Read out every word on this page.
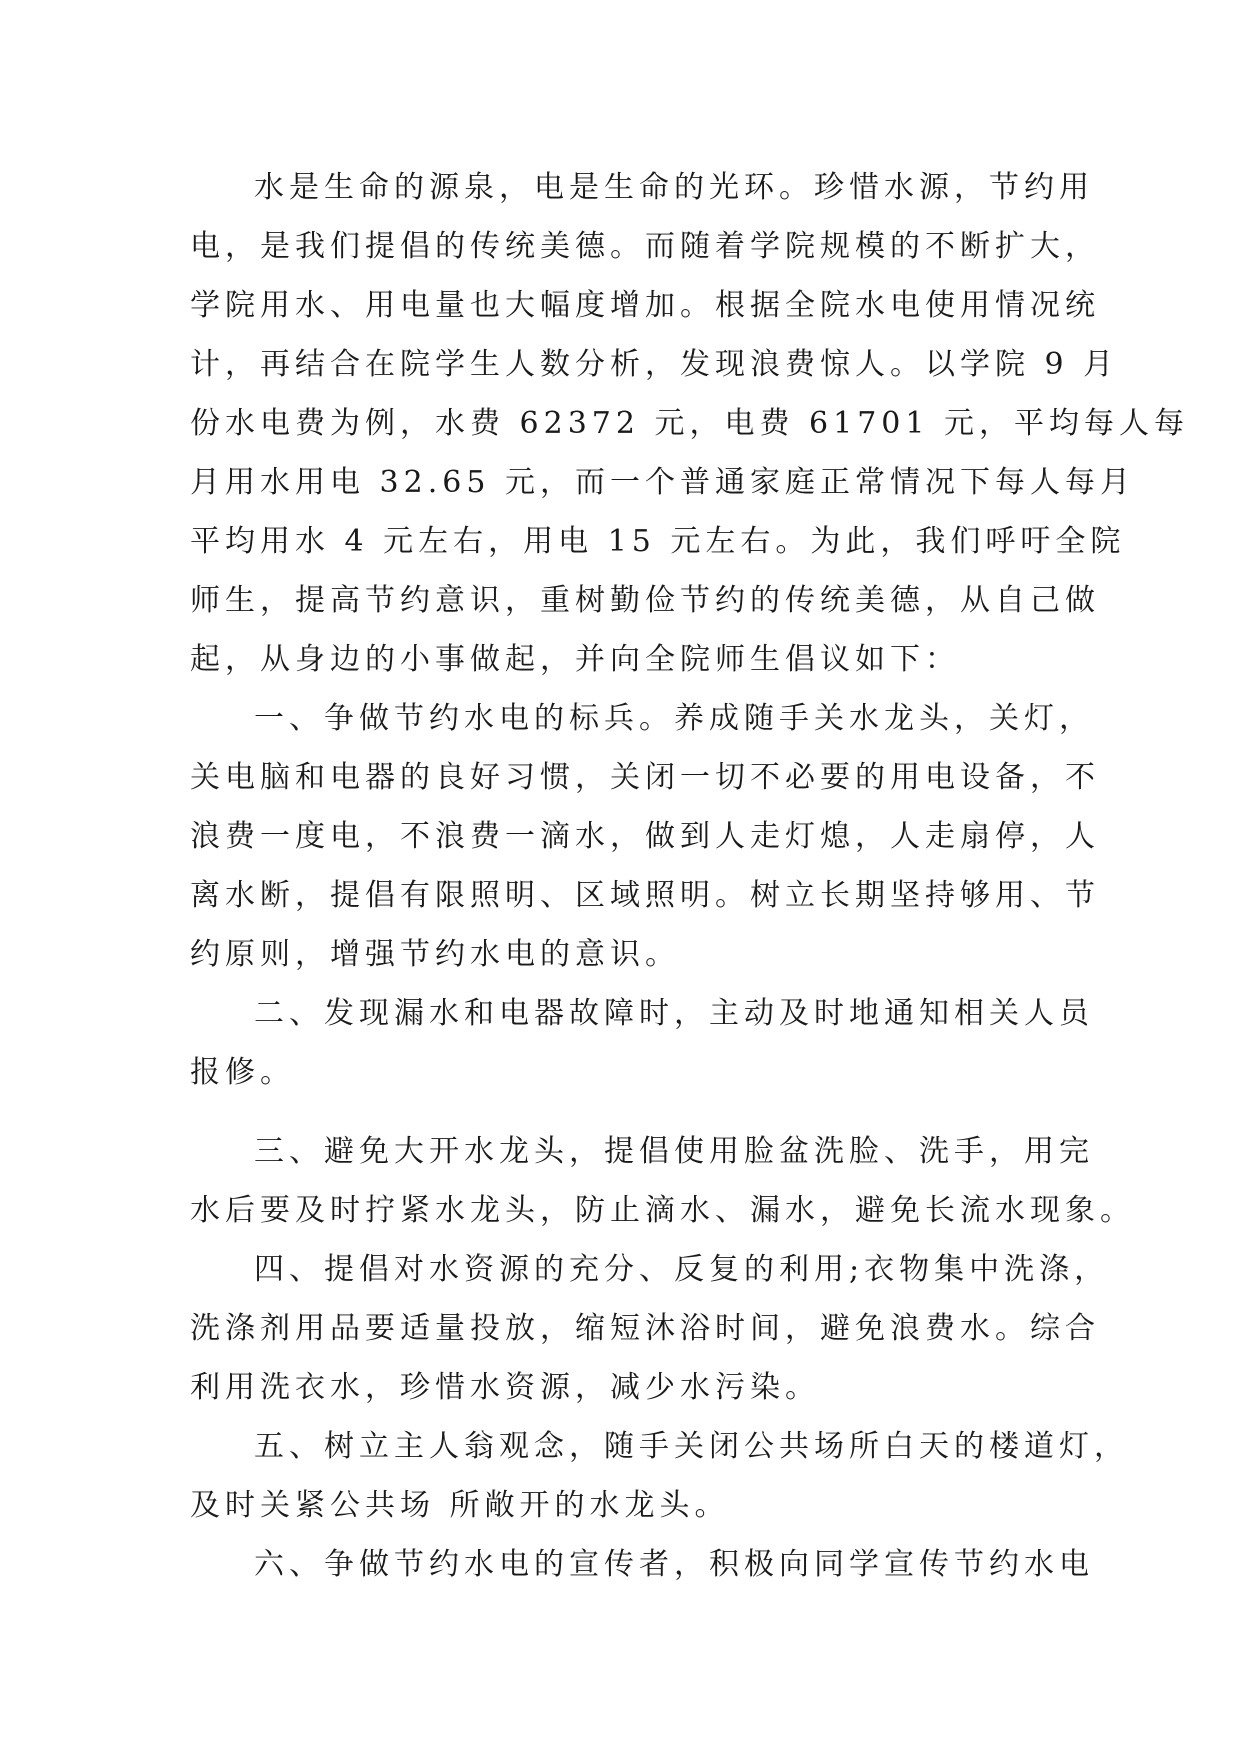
水是生命的源泉，电是生命的光环。珍惜水源，节约用
电，是我们提倡的传统美德。而随着学院规模的不断扩大，
学院用水、用电量也大幅度增加。根据全院水电使用情况统
计，再结合在院学生人数分析，发现浪费惊人。以学院 9 月
份水电费为例，水费 62372 元，电费 61701 元，平均每人每
月用水用电 32.65 元，而一个普通家庭正常情况下每人每月
平均用水 4 元左右，用电 15 元左右。为此，我们呼吁全院
师生，提高节约意识，重树勤俭节约的传统美德，从自己做
起，从身边的小事做起，并向全院师生倡议如下：
一、争做节约水电的标兵。养成随手关水龙头，关灯，
关电脑和电器的良好习惯，关闭一切不必要的用电设备，不
浪费一度电，不浪费一滴水，做到人走灯熄，人走扇停，人
离水断，提倡有限照明、区域照明。树立长期坚持够用、节
约原则，增强节约水电的意识。
二、发现漏水和电器故障时，主动及时地通知相关人员
报修。
三、避免大开水龙头，提倡使用脸盆洗脸、洗手，用完
水后要及时拧紧水龙头，防止滴水、漏水，避免长流水现象。
四、提倡对水资源的充分、反复的利用;衣物集中洗涤，
洗涤剂用品要适量投放，缩短沐浴时间，避免浪费水。综合
利用洗衣水，珍惜水资源，减少水污染。
五、树立主人翁观念，随手关闭公共场所白天的楼道灯，
及时关紧公共场 所敞开的水龙头。
六、争做节约水电的宣传者，积极向同学宣传节约水电
